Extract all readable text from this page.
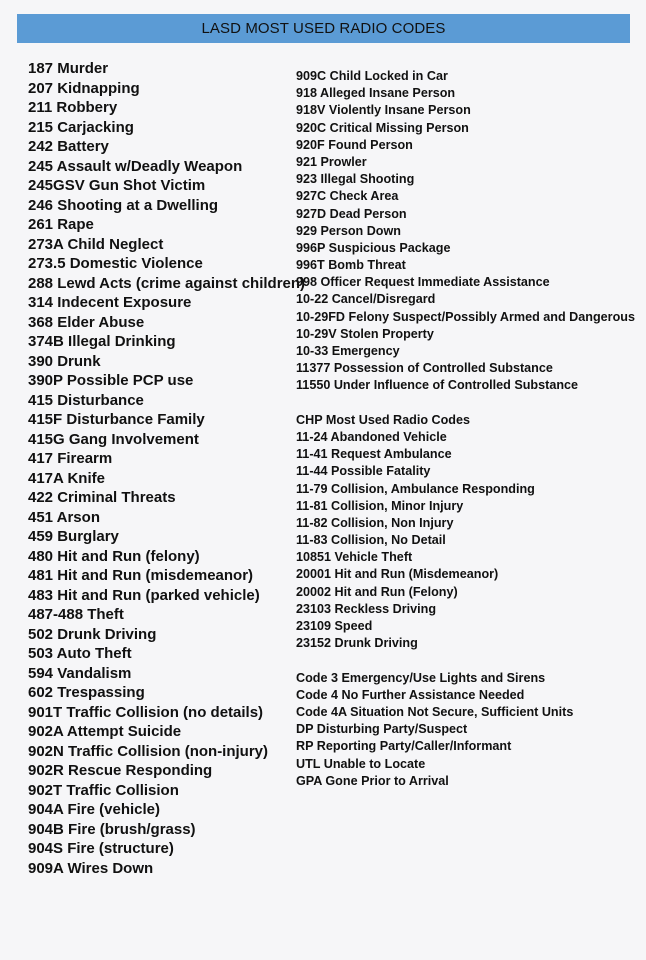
LASD MOST USED RADIO CODES
187 Murder
207 Kidnapping
211 Robbery
215 Carjacking
242 Battery
245 Assault w/Deadly Weapon
245GSV Gun Shot Victim
246 Shooting at a Dwelling
261 Rape
273A Child Neglect
273.5 Domestic Violence
288 Lewd Acts (crime against children)
314 Indecent Exposure
368 Elder Abuse
374B Illegal Drinking
390 Drunk
390P Possible PCP use
415 Disturbance
415F Disturbance Family
415G Gang Involvement
417 Firearm
417A Knife
422 Criminal Threats
451 Arson
459 Burglary
480 Hit and Run (felony)
481 Hit and Run (misdemeanor)
483 Hit and Run (parked vehicle)
487-488 Theft
502 Drunk Driving
503 Auto Theft
594 Vandalism
602 Trespassing
901T Traffic Collision (no details)
902A Attempt Suicide
902N Traffic Collision (non-injury)
902R Rescue Responding
902T Traffic Collision
904A Fire (vehicle)
904B Fire (brush/grass)
904S Fire (structure)
909A Wires Down
909C Child Locked in Car
918 Alleged Insane Person
918V Violently Insane Person
920C Critical Missing Person
920F Found Person
921 Prowler
923 Illegal Shooting
927C Check Area
927D Dead Person
929 Person Down
996P Suspicious Package
996T Bomb Threat
998 Officer Request Immediate Assistance
10-22 Cancel/Disregard
10-29FD Felony Suspect/Possibly Armed and Dangerous
10-29V Stolen Property
10-33 Emergency
11377 Possession of Controlled Substance
11550 Under Influence of Controlled Substance
CHP Most Used Radio Codes
11-24 Abandoned Vehicle
11-41 Request Ambulance
11-44 Possible Fatality
11-79 Collision, Ambulance Responding
11-81 Collision, Minor Injury
11-82 Collision, Non Injury
11-83 Collision, No Detail
10851 Vehicle Theft
20001 Hit and Run (Misdemeanor)
20002 Hit and Run (Felony)
23103 Reckless Driving
23109 Speed
23152 Drunk Driving
Code 3 Emergency/Use Lights and Sirens
Code 4 No Further Assistance Needed
Code 4A Situation Not Secure, Sufficient Units
DP Disturbing Party/Suspect
RP Reporting Party/Caller/Informant
UTL Unable to Locate
GPA Gone Prior to Arrival
